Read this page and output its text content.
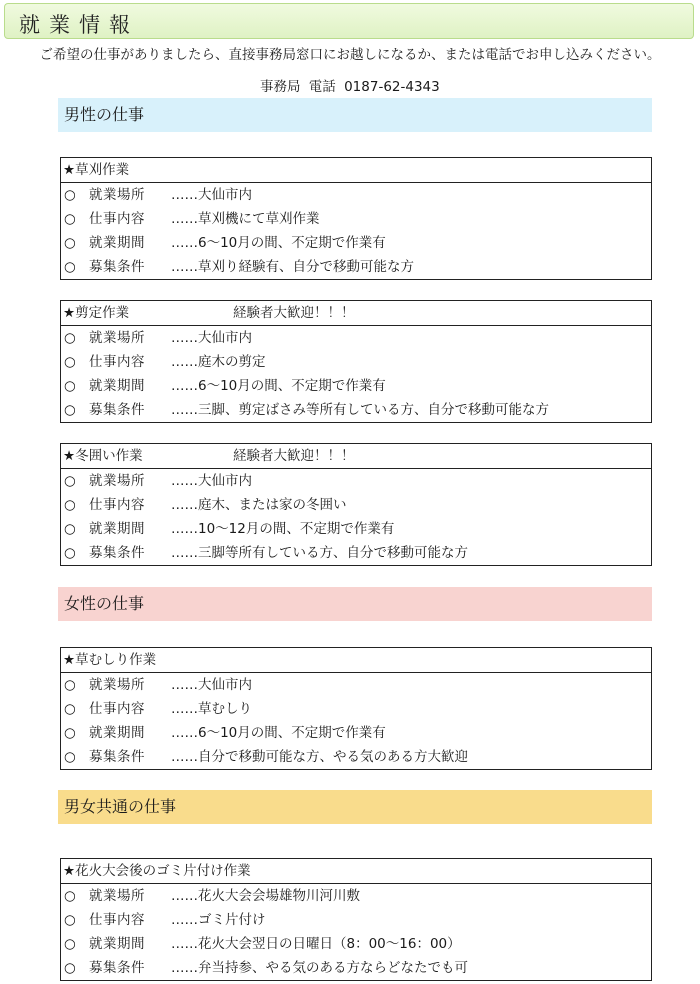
就業情報
ご希望の仕事がありましたら、直接事務局窓口にお越しになるか、または電話でお申し込みください。
事務局 電話 0187-62-4343
男性の仕事
★草刈作業
○ 就業場所 ……大仙市内
○ 仕事内容 ……草刈機にて草刈作業
○ 就業期間 ……6～10月の間、不定期で作業有
○ 募集条件 ……草刈り経験有、自分で移動可能な方
★剪定作業	経験者大歓迎！！！
○ 就業場所 ……大仙市内
○ 仕事内容 ……庭木の剪定
○ 就業期間 ……6～10月の間、不定期で作業有
○ 募集条件 ……三脚、剪定ばさみ等所有している方、自分で移動可能な方
★冬囲い作業	経験者大歓迎！！！
○ 就業場所 ……大仙市内
○ 仕事内容 ……庭木、または家の冬囲い
○ 就業期間 ……10～12月の間、不定期で作業有
○ 募集条件 ……三脚等所有している方、自分で移動可能な方
女性の仕事
★草むしり作業
○ 就業場所 ……大仙市内
○ 仕事内容 ……草むしり
○ 就業期間 ……6～10月の間、不定期で作業有
○ 募集条件 ……自分で移動可能な方、やる気のある方大歓迎
男女共通の仕事
★花火大会後のゴミ片付け作業
○ 就業場所 ……花火大会会場雄物川河川敷
○ 仕事内容 ……ゴミ片付け
○ 就業期間 ……花火大会翌日の日曜日（8：00～16：00）
○ 募集条件 ……弁当持参、やる気のある方ならどなたでも可
